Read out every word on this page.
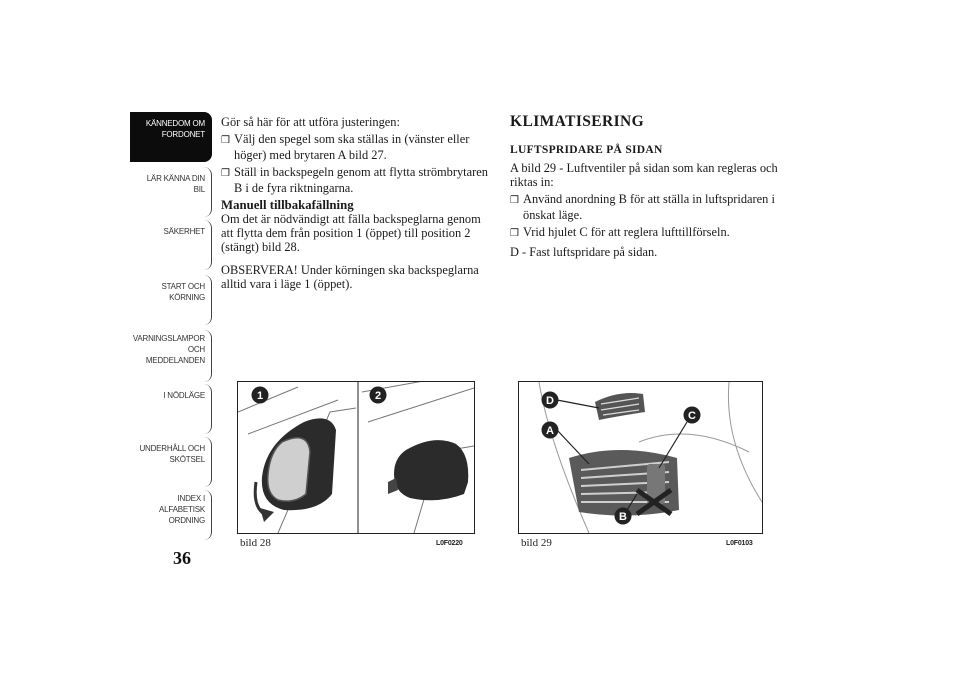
KÄNNEDOM OM
FORDONET
LÄR KÄNNA DIN
BIL
SÄKERHET
START OCH
KÖRNING
VARNINGSLAMPOR
OCH
MEDDELANDEN
I NÖDLÄGE
UNDERHÅLL OCH
SKÖTSEL
INDEX I
ALFABETISK
ORDNING
36

Gör så här för att utföra justeringen:

❒ Välj den spegel som ska ställas in (vänster eller höger) med brytaren A bild 27.

❒ Ställ in backspegeln genom att flytta strömbrytaren B i de fyra riktningarna.

Manuell tillbakafällning

Om det är nödvändigt att fälla backspeglarna genom att flytta dem från position 1 (öppet) till position 2 (stängt) bild 28.

OBSERVERA! Under körningen ska backspeglarna alltid vara i läge 1 (öppet).

KLIMATISERING

LUFTSPRIDARE PÅ SIDAN

A bild 29 - Luftventiler på sidan som kan regleras och riktas in:

❒ Använd anordning B för att ställa in luftspridaren i önskat läge.

❒ Vrid hjulet C för att reglera lufttillförseln.

D - Fast luftspridare på sidan.

1	2
bild 28	L0F0220
D
C
A
B
bild 29	L0F0103
